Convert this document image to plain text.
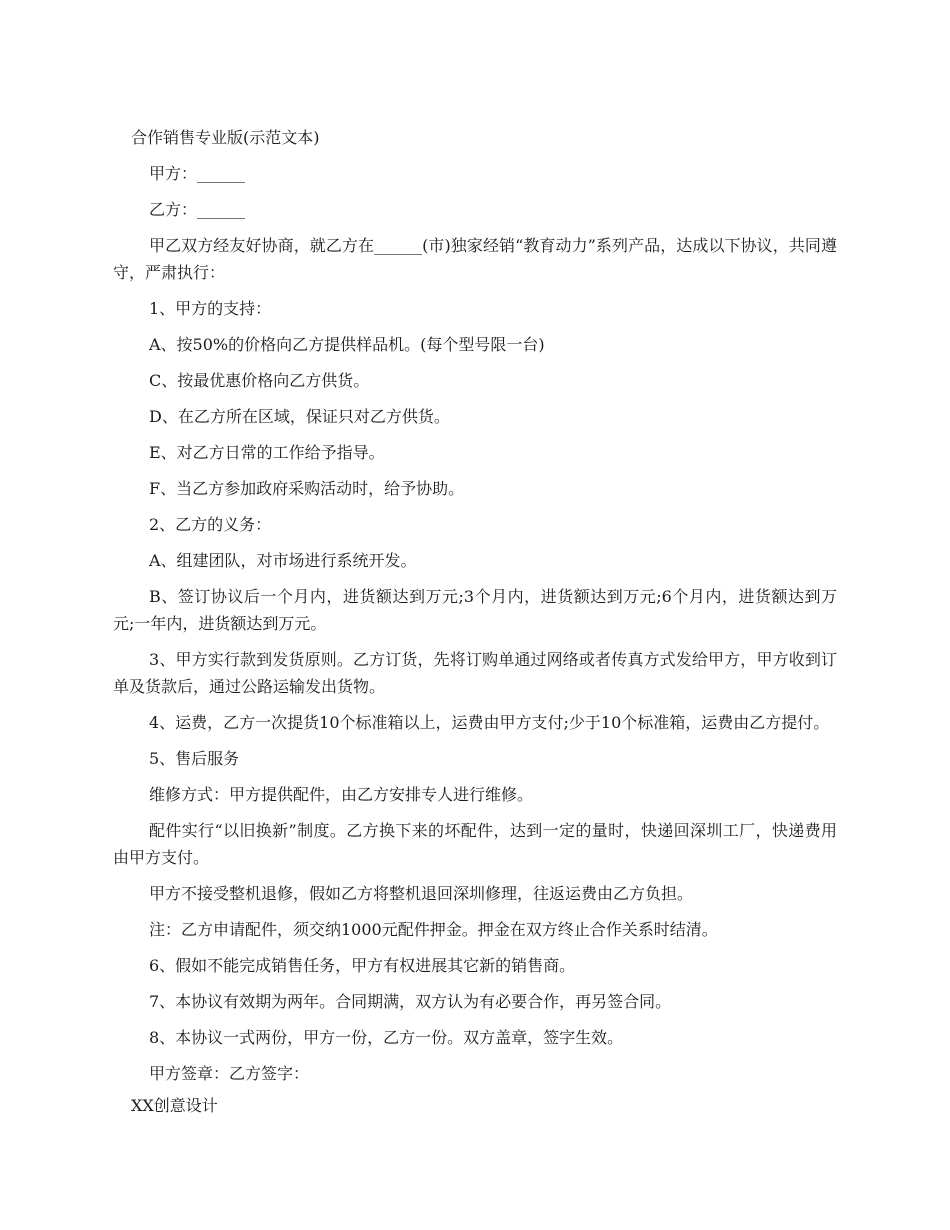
合作销售专业版(示范文本)

甲方：______

乙方：______

甲乙双方经友好协商，就乙方在______(市)独家经销“教育动力”系列产品，达成以下协议，共同遵守，严肃执行：

1、甲方的支持：

A、按50%的价格向乙方提供样品机。(每个型号限一台)

C、按最优惠价格向乙方供货。

D、在乙方所在区域，保证只对乙方供货。

E、对乙方日常的工作给予指导。

F、当乙方参加政府采购活动时，给予协助。

2、乙方的义务：

A、组建团队，对市场进行系统开发。

B、签订协议后一个月内，进货额达到万元;3个月内，进货额达到万元;6个月内，进货额达到万元;一年内，进货额达到万元。

3、甲方实行款到发货原则。乙方订货，先将订购单通过网络或者传真方式发给甲方，甲方收到订单及货款后，通过公路运输发出货物。

4、运费，乙方一次提货10个标准箱以上，运费由甲方支付;少于10个标准箱，运费由乙方提付。

5、售后服务

维修方式：甲方提供配件，由乙方安排专人进行维修。

配件实行“以旧换新”制度。乙方换下来的坏配件，达到一定的量时，快递回深圳工厂，快递费用由甲方支付。

甲方不接受整机退修，假如乙方将整机退回深圳修理，往返运费由乙方负担。

注：乙方申请配件，须交纳1000元配件押金。押金在双方终止合作关系时结清。

6、假如不能完成销售任务，甲方有权进展其它新的销售商。

7、本协议有效期为两年。合同期满，双方认为有必要合作，再另签合同。

8、本协议一式两份，甲方一份，乙方一份。双方盖章，签字生效。

甲方签章：乙方签字：

XX创意设计
